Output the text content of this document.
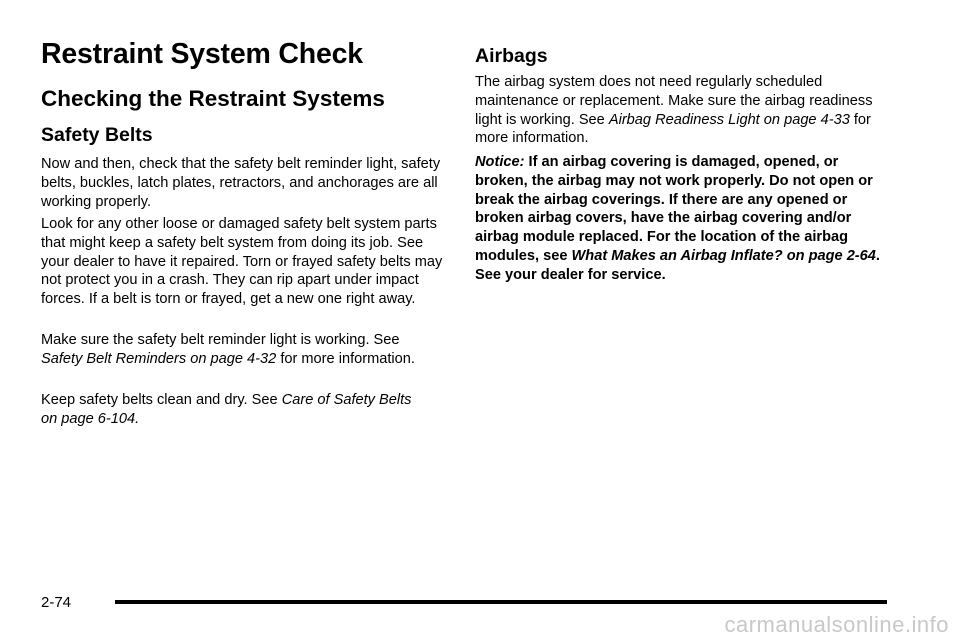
Restraint System Check
Checking the Restraint Systems
Safety Belts

Now and then, check that the safety belt reminder light, safety belts, buckles, latch plates, retractors, and anchorages are all working properly.

Look for any other loose or damaged safety belt system parts that might keep a safety belt system from doing its job. See your dealer to have it repaired. Torn or frayed safety belts may not protect you in a crash. They can rip apart under impact forces. If a belt is torn or frayed, get a new one right away.

Make sure the safety belt reminder light is working. See Safety Belt Reminders on page 4-32 for more information.

Keep safety belts clean and dry. See Care of Safety Belts on page 6-104.

Airbags

The airbag system does not need regularly scheduled maintenance or replacement. Make sure the airbag readiness light is working. See Airbag Readiness Light on page 4-33 for more information.

Notice: If an airbag covering is damaged, opened, or broken, the airbag may not work properly. Do not open or break the airbag coverings. If there are any opened or broken airbag covers, have the airbag covering and/or airbag module replaced. For the location of the airbag modules, see What Makes an Airbag Inflate? on page 2-64. See your dealer for service.

2-74

carmanualsonline.info
